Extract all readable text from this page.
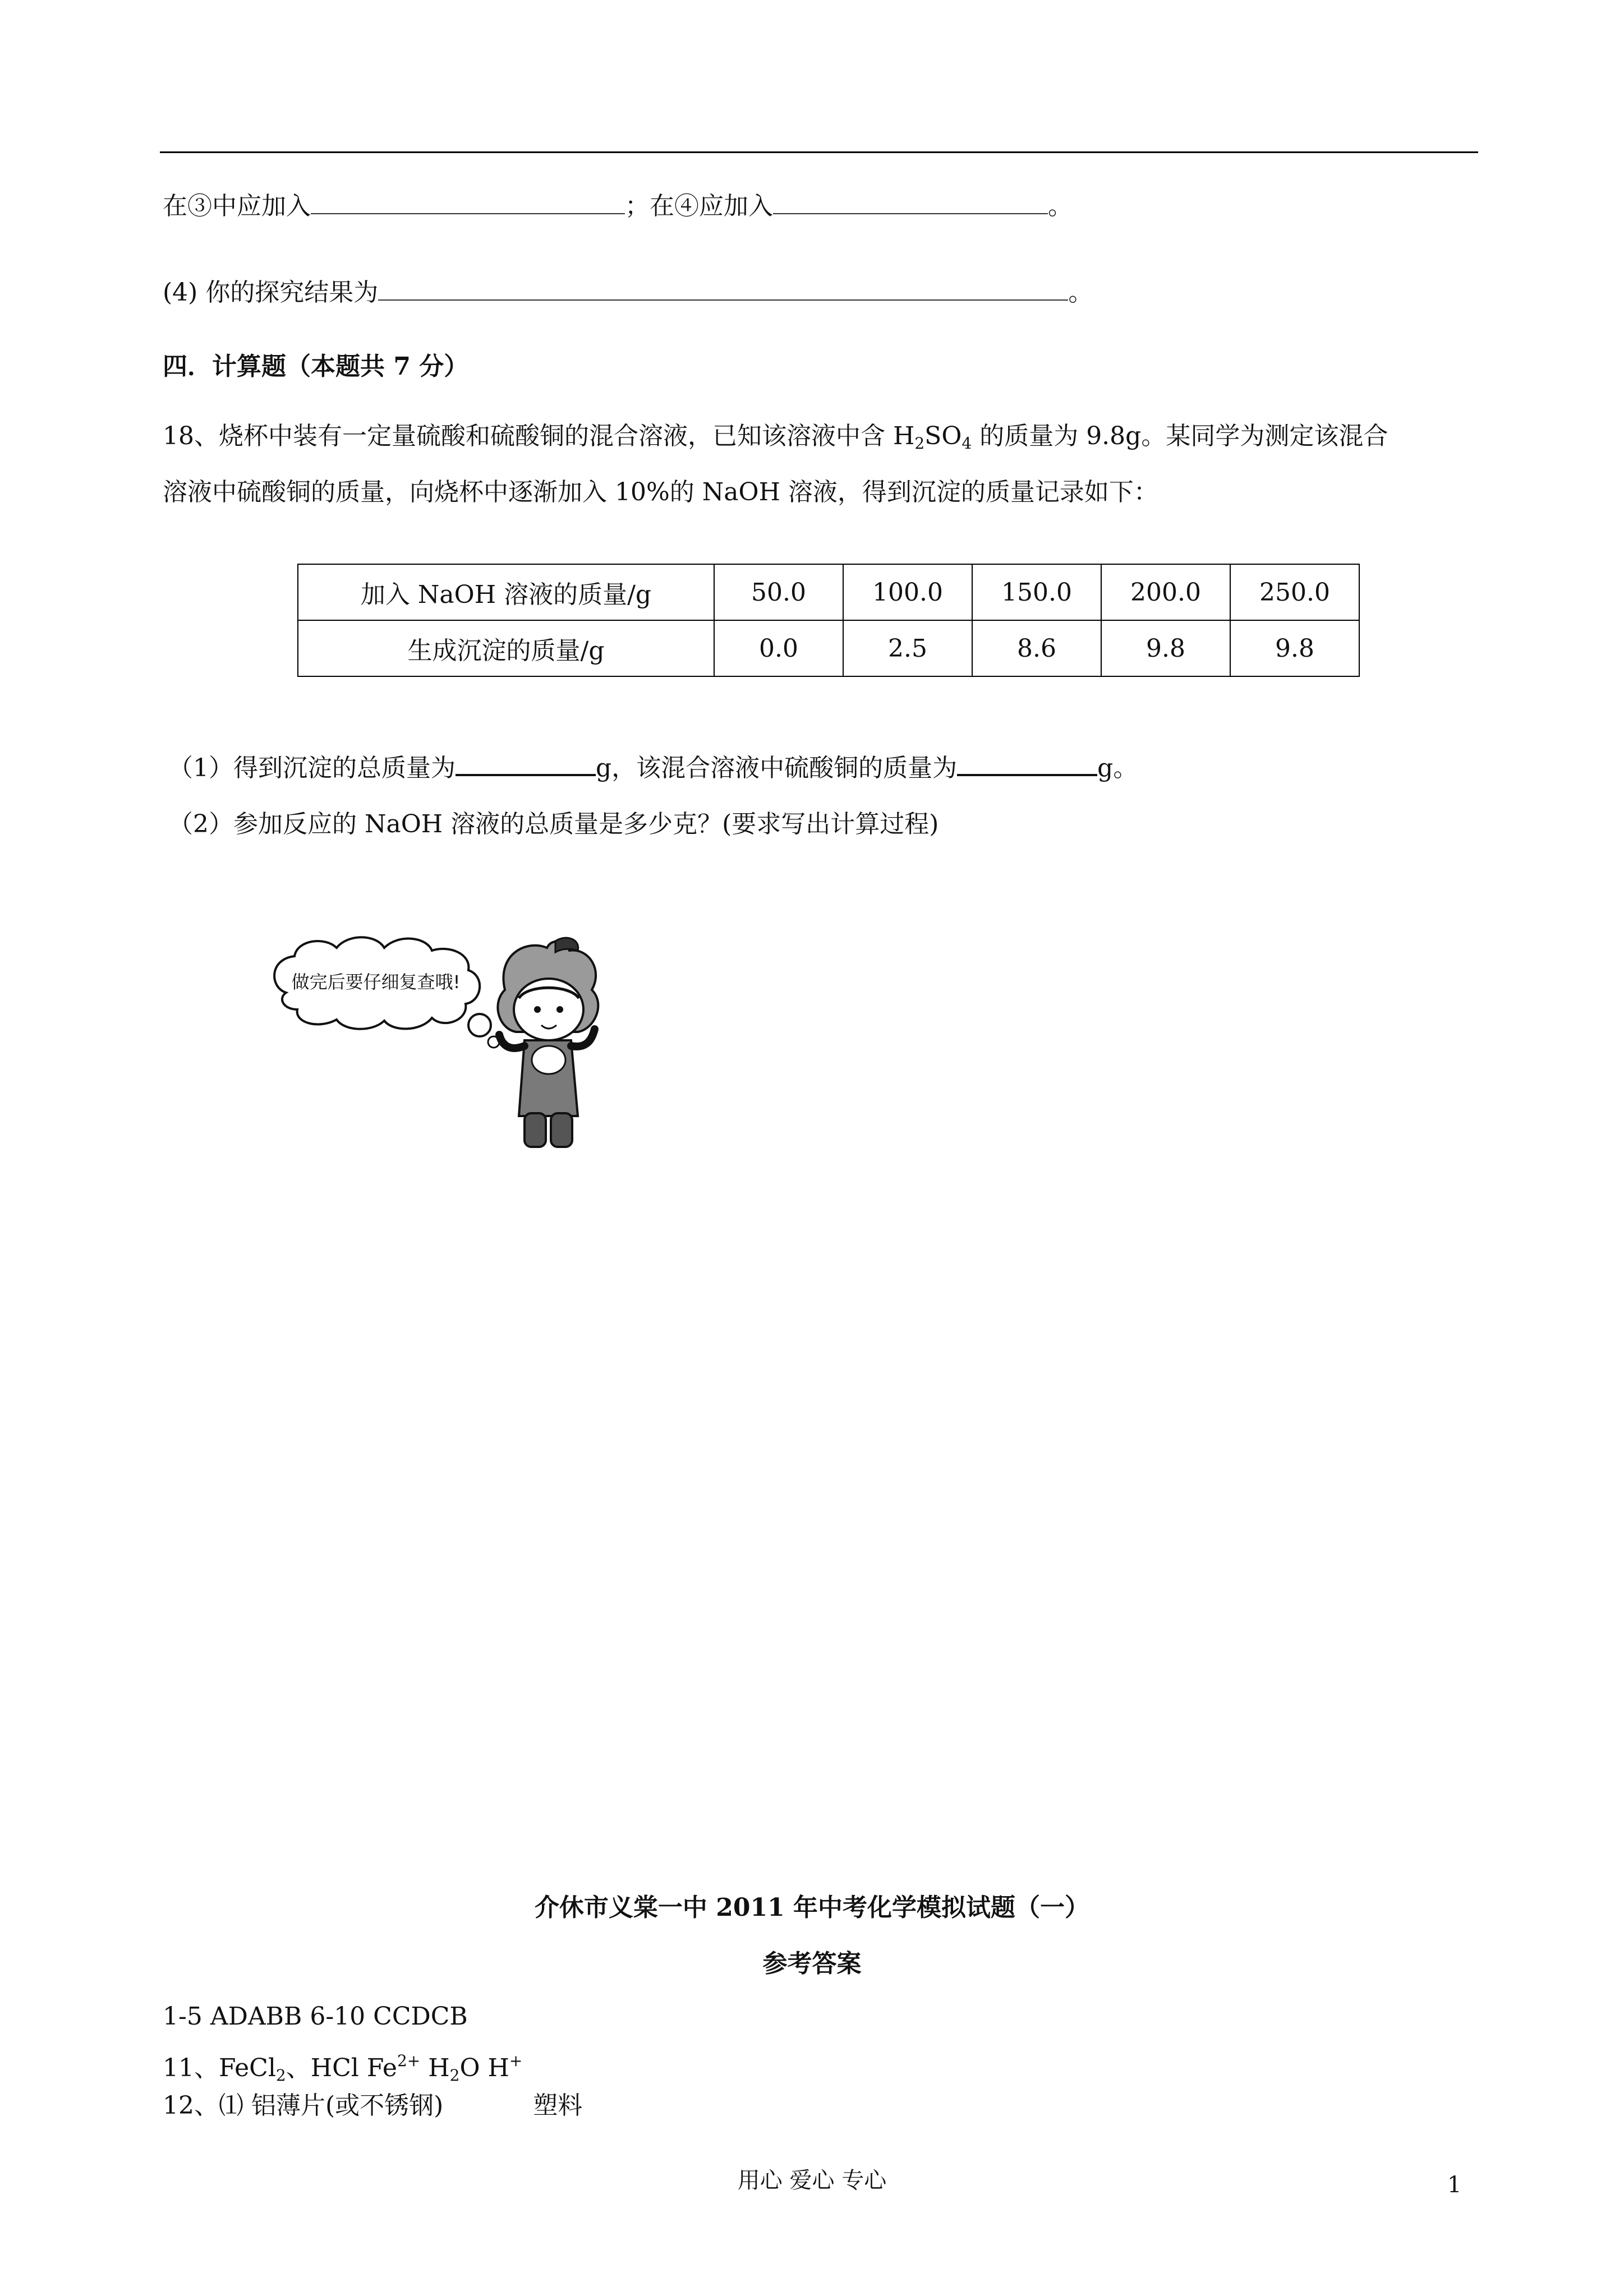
在③中应加入	；在④应加入	。
(4) 你的探究结果为	。
四．计算题（本题共 7 分）
18、烧杯中装有一定量硫酸和硫酸铜的混合溶液，已知该溶液中含 $H_2SO_4$ 的质量为 9.8g。某同学为测定该混合
溶液中硫酸铜的质量，向烧杯中逐渐加入 10%的 NaOH 溶液，得到沉淀的质量记录如下：
加入 NaOH 溶液的质量/g	50.0	100.0	150.0	200.0	250.0
生成沉淀的质量/g	0.0	2.5	8.6	9.8	9.8
（1）得到沉淀的总质量为	g，该混合溶液中硫酸铜的质量为	g。
（2）参加反应的 NaOH 溶液的总质量是多少克？(要求写出计算过程)
做完后要仔细复查哦!
介休市义棠一中 2011 年中考化学模拟试题（一）
参考答案
1-5 ADABB 6-10 CCDCB
11、FeCl$_2$、HCl $Fe^{2+}$ $H_2O$ H+
12、⑴ 铝薄片(或不锈钢)	塑料
用心 爱心 专心	1
